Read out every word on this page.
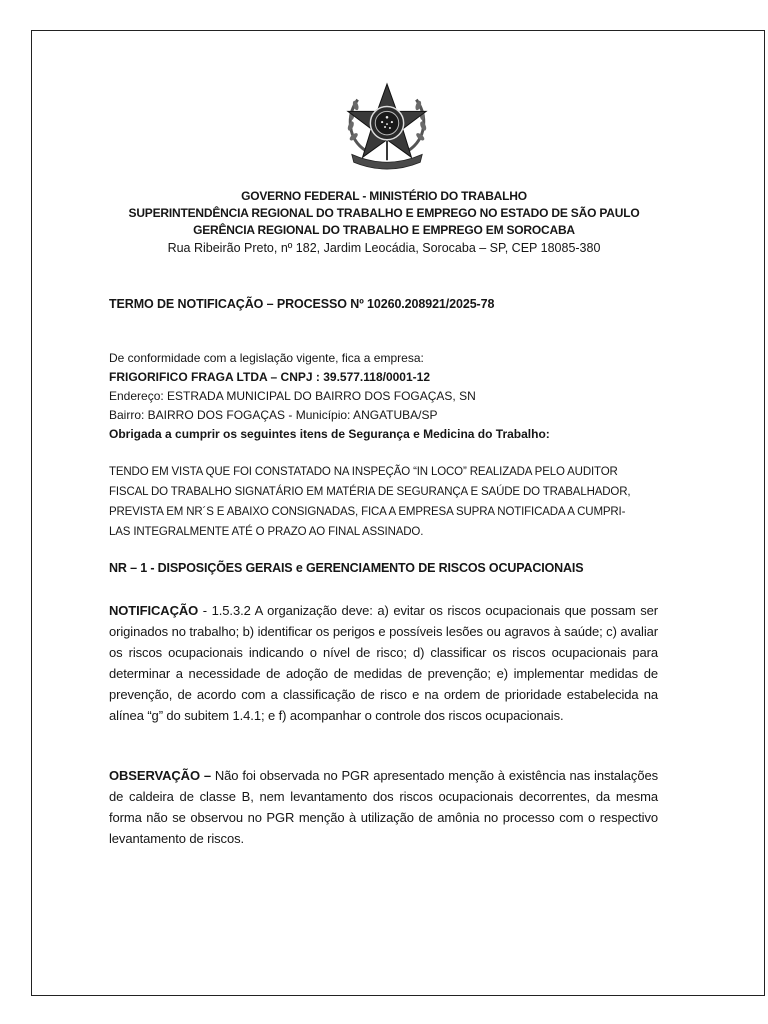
GOVERNO FEDERAL - MINISTÉRIO DO TRABALHO
SUPERINTENDÊNCIA REGIONAL DO TRABALHO E EMPREGO NO ESTADO DE SÃO PAULO
GERÊNCIA REGIONAL DO TRABALHO E EMPREGO EM SOROCABA
Rua Ribeirão Preto, nº 182, Jardim Leocádia, Sorocaba – SP, CEP 18085-380
TERMO DE NOTIFICAÇÃO – PROCESSO Nº 10260.208921/2025-78
De conformidade com a legislação vigente, fica a empresa:
FRIGORIFICO FRAGA LTDA – CNPJ : 39.577.118/0001-12
Endereço: ESTRADA MUNICIPAL DO BAIRRO DOS FOGAÇAS, SN
Bairro: BAIRRO DOS FOGAÇAS - Município: ANGATUBA/SP
Obrigada a cumprir os seguintes itens de Segurança e Medicina do Trabalho:
TENDO EM VISTA QUE FOI CONSTATADO NA INSPEÇÃO “IN LOCO” REALIZADA PELO AUDITOR
FISCAL DO TRABALHO SIGNATÁRIO EM MATÉRIA DE SEGURANÇA E SAÚDE DO TRABALHADOR,
PREVISTA EM NR´S E ABAIXO CONSIGNADAS, FICA A EMPRESA SUPRA NOTIFICADA A CUMPRI-
LAS INTEGRALMENTE ATÉ O PRAZO AO FINAL ASSINADO.
NR – 1 - DISPOSIÇÕES GERAIS e GERENCIAMENTO DE RISCOS OCUPACIONAIS
NOTIFICAÇÃO - 1.5.3.2 A organização deve: a) evitar os riscos ocupacionais que possam ser originados no trabalho; b) identificar os perigos e possíveis lesões ou agravos à saúde; c) avaliar os riscos ocupacionais indicando o nível de risco; d) classificar os riscos ocupacionais para determinar a necessidade de adoção de medidas de prevenção; e) implementar medidas de prevenção, de acordo com a classificação de risco e na ordem de prioridade estabelecida na alínea “g” do subitem 1.4.1; e f) acompanhar o controle dos riscos ocupacionais.
OBSERVAÇÃO – Não foi observada no PGR apresentado menção à existência nas instalações de caldeira de classe B, nem levantamento dos riscos ocupacionais decorrentes, da mesma forma não se observou no PGR menção à utilização de amônia no processo com o respectivo levantamento de riscos.
